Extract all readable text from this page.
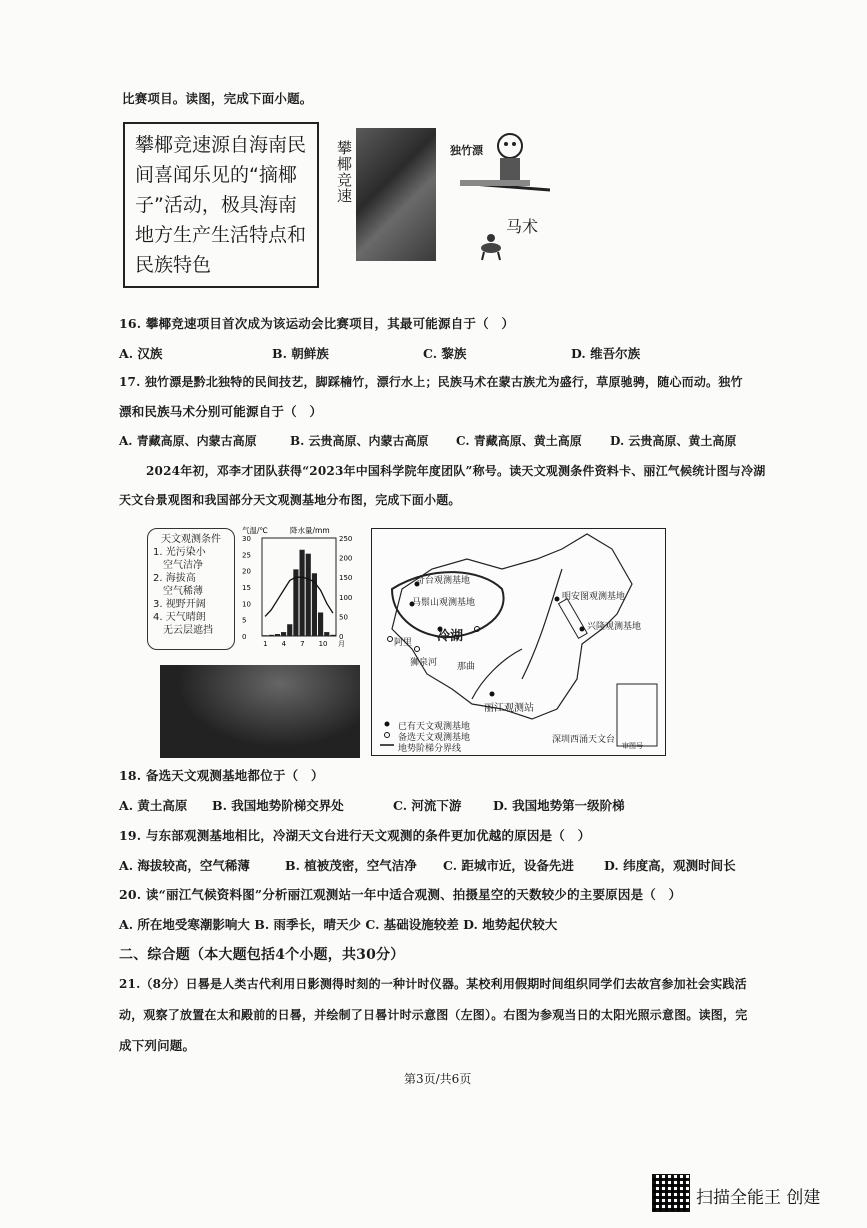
比赛项目。读图，完成下面小题。
攀椰竞速源自海南民间喜闻乐见的“摘椰子”活动，极具海南地方生产生活特点和民族特色
攀椰竞速	独竹漂
马术
16. 攀椰竞速项目首次成为该运动会比赛项目，其最可能源自于（　）
A. 汉族	B. 朝鲜族	C. 黎族	D. 维吾尔族
17. 独竹漂是黔北独特的民间技艺，脚踩楠竹，漂行水上；民族马术在蒙古族尤为盛行，草原驰骋，随心而动。独竹
漂和民族马术分别可能源自于（　）
A. 青藏高原、内蒙古高原	B. 云贵高原、内蒙古高原 C. 青藏高原、黄土高原 D. 云贵高原、黄土高原
2024年初，邓李才团队获得“2023年中国科学院年度团队”称号。读天文观测条件资料卡、丽江气候统计图与冷湖
天文台景观图和我国部分天文观测基地分布图，完成下面小题。
天文观测条件
1. 光污染小
空气洁净
2. 海拔高
空气稀薄
3. 视野开阔
4. 天气晴朗
无云层遮挡
气温/℃	降水量/mm
30
25
20
15
10
5
0
250
200
150
100
50
0
1 4 7 10 月
奇台观测基地
马鬃山观测基地
冷湖
阿里
狮泉河 那曲
明安图观测基地
兴隆观测基地
丽江观测站
深圳西涌天文台
已有天文观测基地
备选天文观测基地
地势阶梯分界线	审图号
18. 备选天文观测基地都位于（　）
A. 黄土高原 B. 我国地势阶梯交界处	C. 河流下游	D. 我国地势第一级阶梯
19. 与东部观测基地相比，冷湖天文台进行天文观测的条件更加优越的原因是（　）
A. 海拔较高，空气稀薄	B. 植被茂密，空气洁净 C. 距城市近，设备先进 D. 纬度高，观测时间长
20. 读“丽江气候资料图”分析丽江观测站一年中适合观测、拍摄星空的天数较少的主要原因是（　）
A. 所在地受寒潮影响大 B. 雨季长，晴天少 C. 基础设施较差 D. 地势起伏较大
二、综合题（本大题包括4个小题，共30分）
21.（8分）日晷是人类古代利用日影测得时刻的一种计时仪器。某校利用假期时间组织同学们去故宫参加社会实践活
动，观察了放置在太和殿前的日晷，并绘制了日晷计时示意图（左图）。右图为参观当日的太阳光照示意图。读图，完
成下列问题。
第3页/共6页
扫描全能王 创建
